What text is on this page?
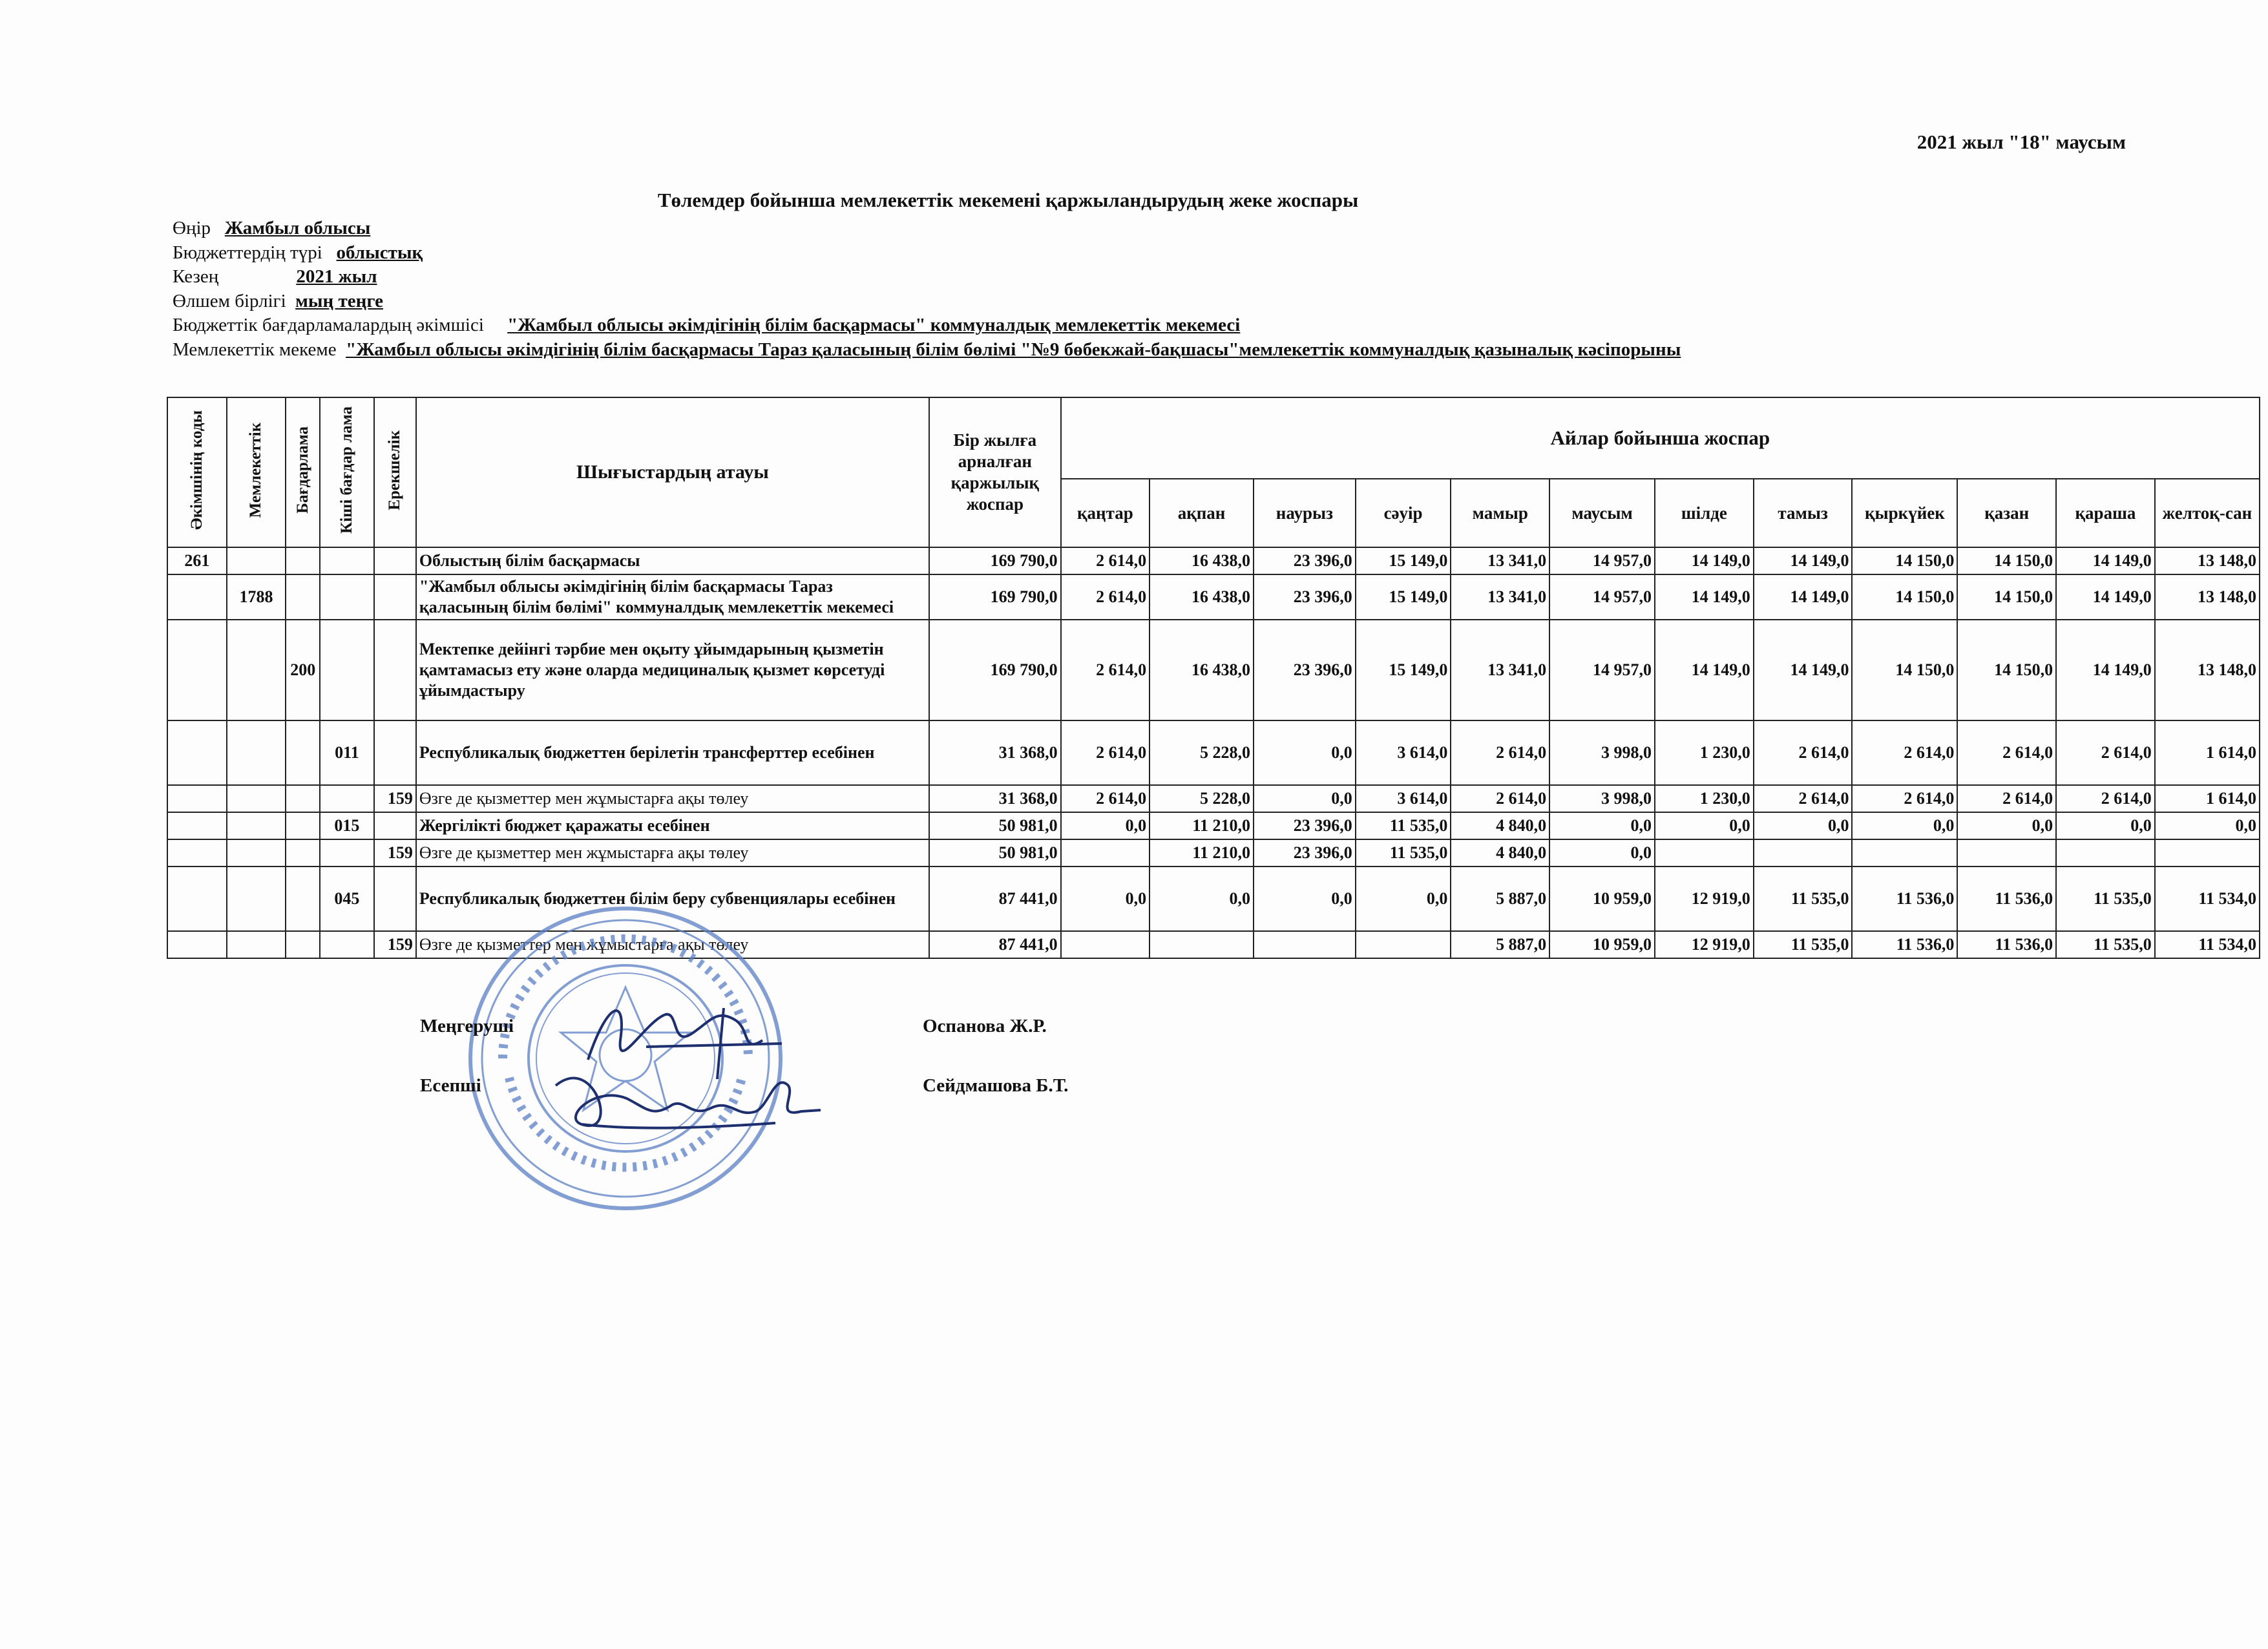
2021 жыл "18" маусым
Төлемдер бойынша мемлекеттік мекемені қаржыландырудың жеке жоспары
Өңір Жамбыл облысы
Бюджеттердің түрі облыстық
Кезең	2021 жыл
Өлшем бірлігі мың теңге
Бюджеттік бағдарламалардың әкімшісі "Жамбыл облысы әкімдігінің білім басқармасы" коммуналдық мемлекеттік мекемесі
Мемлекеттік мекеме "Жамбыл облысы әкімдігінің білім басқармасы Тараз қаласының білім бөлімі "№9 бөбекжай-бақшасы"мемлекеттік коммуналдық қазыналық кәсіпорыны
Әкімшінің коды	Мемлекеттік	Бағдарлама	Кіші бағдар лама	Ерекшелік	Шығыстардың атауы	Бір жылға арналған қаржылық жоспар	Айлар бойынша жоспар											
							қаңтар	ақпан	наурыз	сәуір	мамыр	маусым	шілде	тамыз	қыркүйек	қазан	қараша	желтоқ-сан
261					Облыстың білім басқармасы	169 790,0	2 614,0	16 438,0	23 396,0	15 149,0	13 341,0	14 957,0	14 149,0	14 149,0	14 150,0	14 150,0	14 149,0	13 148,0
	1788				"Жамбыл облысы әкімдігінің білім басқармасы Тараз қаласының білім бөлімі" коммуналдық мемлекеттік мекемесі	169 790,0	2 614,0	16 438,0	23 396,0	15 149,0	13 341,0	14 957,0	14 149,0	14 149,0	14 150,0	14 150,0	14 149,0	13 148,0
		200			Мектепке дейінгі тәрбие мен оқыту ұйымдарының қызметін қамтамасыз ету және оларда медициналық қызмет көрсетуді ұйымдастыру	169 790,0	2 614,0	16 438,0	23 396,0	15 149,0	13 341,0	14 957,0	14 149,0	14 149,0	14 150,0	14 150,0	14 149,0	13 148,0
			011		Республикалық бюджеттен берілетін трансферттер есебінен	31 368,0	2 614,0	5 228,0	0,0	3 614,0	2 614,0	3 998,0	1 230,0	2 614,0	2 614,0	2 614,0	2 614,0	1 614,0
				159	Өзге де қызметтер мен жұмыстарға ақы төлеу	31 368,0	2 614,0	5 228,0	0,0	3 614,0	2 614,0	3 998,0	1 230,0	2 614,0	2 614,0	2 614,0	2 614,0	1 614,0
			015		Жергілікті бюджет қаражаты есебінен	50 981,0	0,0	11 210,0	23 396,0	11 535,0	4 840,0	0,0	0,0	0,0	0,0	0,0	0,0	0,0
				159	Өзге де қызметтер мен жұмыстарға ақы төлеу	50 981,0		11 210,0	23 396,0	11 535,0	4 840,0	0,0						
			045		Республикалық бюджеттен білім беру субвенциялары есебінен	87 441,0	0,0	0,0	0,0	0,0	5 887,0	10 959,0	12 919,0	11 535,0	11 536,0	11 536,0	11 535,0	11 534,0
				159	Өзге де қызметтер мен жұмыстарға ақы төлеу	87 441,0					5 887,0	10 959,0	12 919,0	11 535,0	11 536,0	11 536,0	11 535,0	11 534,0
Меңгеруші	Оспанова Ж.Р.
Есепші	Сейдмашова Б.Т.
